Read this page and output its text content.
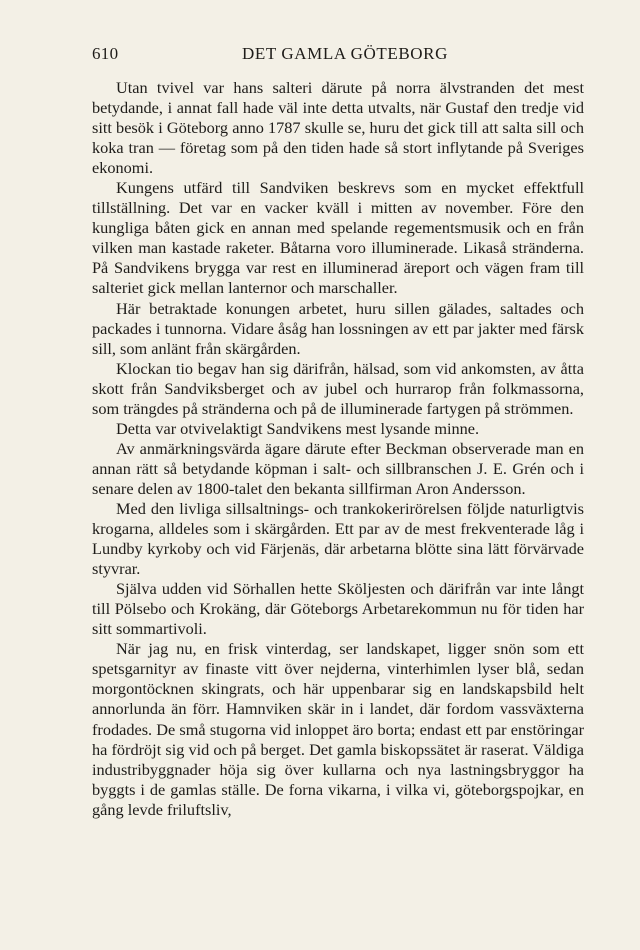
610	DET GAMLA GÖTEBORG

Utan tvivel var hans salteri därute på norra älvstranden det mest betydande, i annat fall hade väl inte detta utvalts, när Gustaf den tredje vid sitt besök i Göteborg anno 1787 skulle se, huru det gick till att salta sill och koka tran — företag som på den tiden hade så stort inflytande på Sveriges ekonomi.

Kungens utfärd till Sandviken beskrevs som en mycket effektfull tillställning. Det var en vacker kväll i mitten av november. Före den kungliga båten gick en annan med spelande regementsmusik och en från vilken man kastade raketer. Båtarna voro illuminerade. Likaså stränderna. På Sandvikens brygga var rest en illuminerad äreport och vägen fram till salteriet gick mellan lanternor och marschaller.

Här betraktade konungen arbetet, huru sillen gälades, saltades och packades i tunnorna. Vidare åsåg han lossningen av ett par jakter med färsk sill, som anlänt från skärgården.

Klockan tio begav han sig därifrån, hälsad, som vid ankomsten, av åtta skott från Sandviksberget och av jubel och hurrarop från folkmassorna, som trängdes på stränderna och på de illuminerade fartygen på strömmen.

Detta var otvivelaktigt Sandvikens mest lysande minne.

Av anmärkningsvärda ägare därute efter Beckman observerade man en annan rätt så betydande köpman i salt- och sillbranschen J. E. Grén och i senare delen av 1800-talet den bekanta sillfirman Aron Andersson.

Med den livliga sillsaltnings- och trankokerirörelsen följde naturligtvis krogarna, alldeles som i skärgården. Ett par av de mest frekventerade låg i Lundby kyrkoby och vid Färjenäs, där arbetarna blötte sina lätt förvärvade styvrar.

Själva udden vid Sörhallen hette Sköljesten och därifrån var inte långt till Pölsebo och Krokäng, där Göteborgs Arbetarekommun nu för tiden har sitt sommartivoli.

När jag nu, en frisk vinterdag, ser landskapet, ligger snön som ett spetsgarnityr av finaste vitt över nejderna, vinterhimlen lyser blå, sedan morgontöcknen skingrats, och här uppenbarar sig en landskapsbild helt annorlunda än förr. Hamnviken skär in i landet, där fordom vassväxterna frodades. De små stugorna vid inloppet äro borta; endast ett par enstöringar ha fördröjt sig vid och på berget. Det gamla biskopssätet är raserat. Väldiga industribyggnader höja sig över kullarna och nya lastningsbryggor ha byggts i de gamlas ställe. De forna vikarna, i vilka vi, göteborgspojkar, en gång levde friluftsliv,
